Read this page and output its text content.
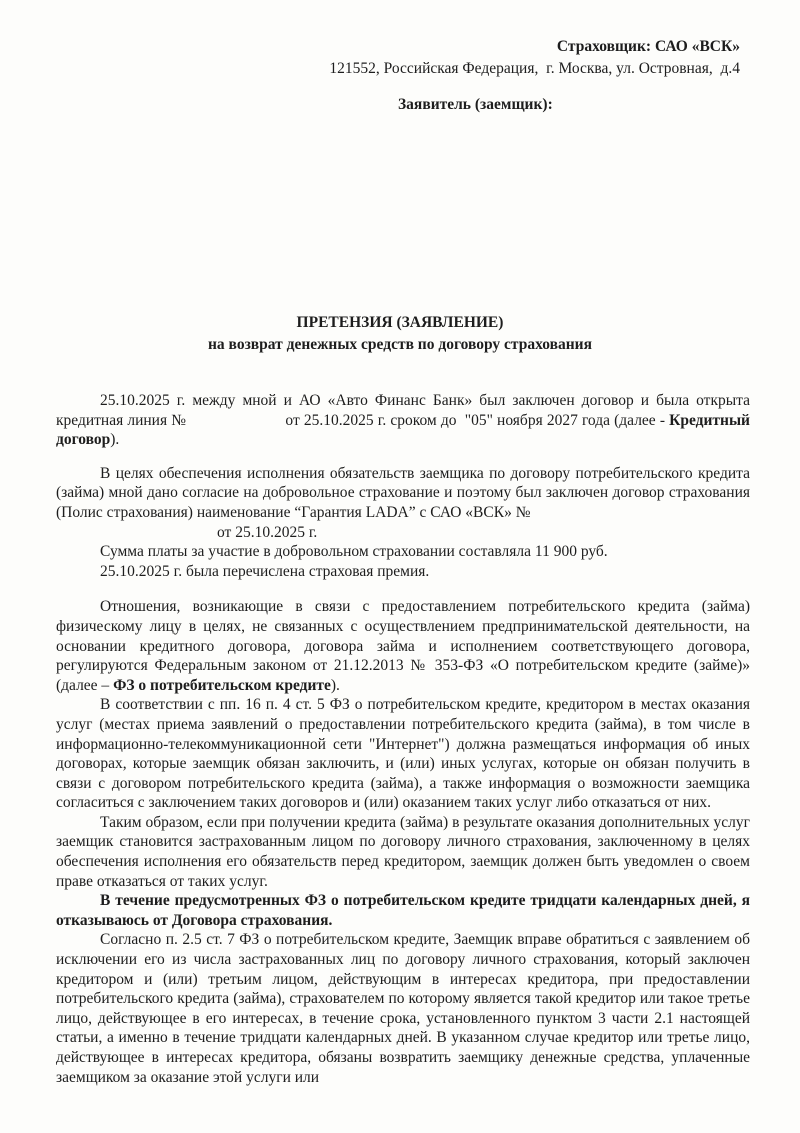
Страховщик: САО «ВСК»
121552, Российская Федерация,  г. Москва, ул. Островная,  д.4
Заявитель (заемщик):
ПРЕТЕНЗИЯ (ЗАЯВЛЕНИЕ)
на возврат денежных средств по договору страхования

25.10.2025 г. между мной и АО «Авто Финанс Банк» был заключен договор и была открыта кредитная линия №                        от 25.10.2025 г. сроком до  "05" ноября 2027 года (далее - Кредитный договор).

В целях обеспечения исполнения обязательств заемщика по договору потребительского кредита (займа) мной дано согласие на добровольное страхование и поэтому был заключен договор страхования (Полис страхования) наименование “Гарантия LADA” с САО «ВСК» №

от 25.10.2025 г.

Сумма платы за участие в добровольном страховании составляла 11 900 руб.

25.10.2025 г. была перечислена страховая премия.

Отношения, возникающие в связи с предоставлением потребительского кредита (займа) физическому лицу в целях, не связанных с осуществлением предпринимательской деятельности, на основании кредитного договора, договора займа и исполнением соответствующего договора, регулируются Федеральным законом от 21.12.2013 № 353-ФЗ «О потребительском кредите (займе)» (далее – ФЗ о потребительском кредите).

В соответствии с пп. 16 п. 4 ст. 5 ФЗ о потребительском кредите, кредитором в местах оказания услуг (местах приема заявлений о предоставлении потребительского кредита (займа), в том числе в информационно-телекоммуникационной сети "Интернет") должна размещаться информация об иных договорах, которые заемщик обязан заключить, и (или) иных услугах, которые он обязан получить в связи с договором потребительского кредита (займа), а также информация о возможности заемщика согласиться с заключением таких договоров и (или) оказанием таких услуг либо отказаться от них.

Таким образом, если при получении кредита (займа) в результате оказания дополнительных услуг заемщик становится застрахованным лицом по договору личного страхования, заключенному в целях обеспечения исполнения его обязательств перед кредитором, заемщик должен быть уведомлен о своем праве отказаться от таких услуг.

В течение предусмотренных ФЗ о потребительском кредите тридцати календарных дней, я отказываюсь от Договора страхования.

Согласно п. 2.5 ст. 7 ФЗ о потребительском кредите, Заемщик вправе обратиться с заявлением об исключении его из числа застрахованных лиц по договору личного страхования, который заключен кредитором и (или) третьим лицом, действующим в интересах кредитора, при предоставлении потребительского кредита (займа), страхователем по которому является такой кредитор или такое третье лицо, действующее в его интересах, в течение срока, установленного пунктом 3 части 2.1 настоящей статьи, а именно в течение тридцати календарных дней. В указанном случае кредитор или третье лицо, действующее в интересах кредитора, обязаны возвратить заемщику денежные средства, уплаченные заемщиком за оказание этой услуги или
